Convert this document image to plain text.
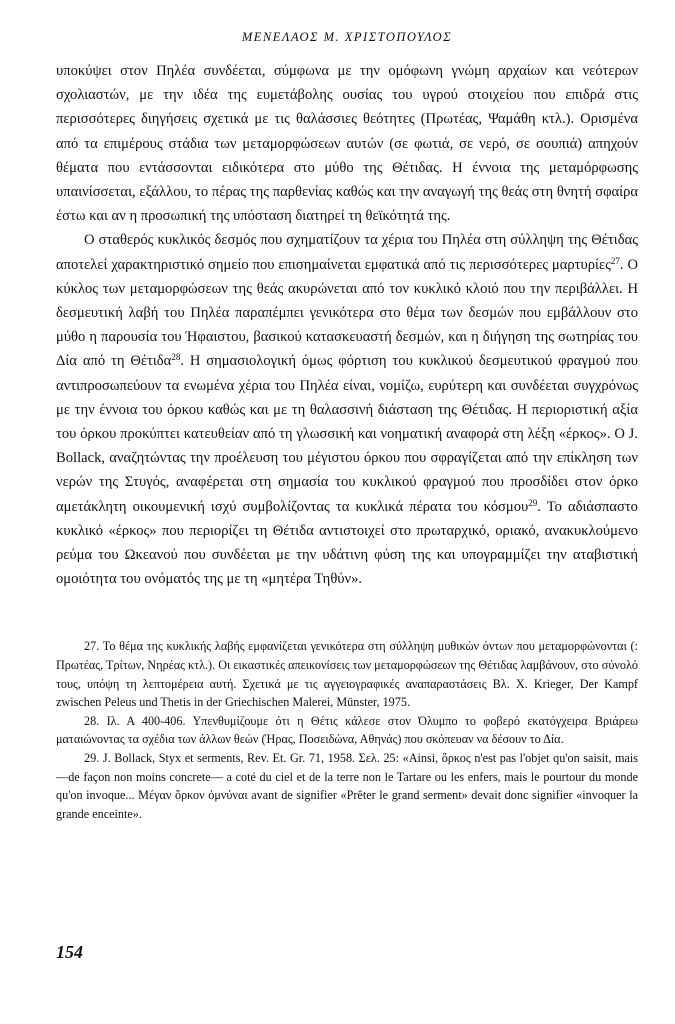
ΜΕΝΕΛΑΟΣ Μ. ΧΡΙΣΤΟΠΟΥΛΟΣ

υποκύψει στον Πηλέα συνδέεται, σύμφωνα με την ομόφωνη γνώμη αρχαίων και νεότερων σχολιαστών, με την ιδέα της ευμετάβολης ουσίας του υγρού στοιχείου που επιδρά στις περισσότερες διηγήσεις σχετικά με τις θαλάσσιες θεότητες (Πρωτέας, Ψαμάθη κτλ.). Ορισμένα από τα επιμέρους στάδια των μεταμορφώσεων αυτών (σε φωτιά, σε νερό, σε σουπιά) απηχούν θέματα που εντάσσονται ειδικότερα στο μύθο της Θέτιδας. Η έννοια της μεταμόρφωσης υπαινίσσεται, εξάλλου, το πέρας της παρθενίας καθώς και την αναγωγή της θεάς στη θνητή σφαίρα έστω και αν η προσωπική της υπόσταση διατηρεί τη θεϊκότητά της.

Ο σταθερός κυκλικός δεσμός που σχηματίζουν τα χέρια του Πηλέα στη σύλληψη της Θέτιδας αποτελεί χαρακτηριστικό σημείο που επισημαίνεται εμφατικά από τις περισσότερες μαρτυρίες$^{27}$. Ο κύκλος των μεταμορφώσεων της θεάς ακυρώνεται από τον κυκλικό κλοιό που την περιβάλλει. Η δεσμευτική λαβή του Πηλέα παραπέμπει γενικότερα στο θέμα των δεσμών που εμβάλλουν στο μύθο η παρουσία του Ήφαιστου, βασικού κατασκευαστή δεσμών, και η διήγηση της σωτηρίας του Δία από τη Θέτιδα$^{28}$. Η σημασιολογική όμως φόρτιση του κυκλικού δεσμευτικού φραγμού που αντιπροσωπεύουν τα ενωμένα χέρια του Πηλέα είναι, νομίζω, ευρύτερη και συνδέεται συγχρόνως με την έννοια του όρκου καθώς και με τη θαλασσινή διάσταση της Θέτιδας. Η περιοριστική αξία του όρκου προκύπτει κατευθείαν από τη γλωσσική και νοηματική αναφορά στη λέξη «έρκος». Ο J. Bollack, αναζητώντας την προέλευση του μέγιστου όρκου που σφραγίζεται από την επίκληση των νερών της Στυγός, αναφέρεται στη σημασία του κυκλικού φραγμού που προσδίδει στον όρκο αμετάκλητη οικουμενική ισχύ συμβολίζοντας τα κυκλικά πέρατα του κόσμου$^{29}$. Το αδιάσπαστο κυκλικό «έρκος» που περιορίζει τη Θέτιδα αντιστοιχεί στο πρωταρχικό, οριακό, ανακυκλούμενο ρεύμα του Ωκεανού που συνδέεται με την υδάτινη φύση της και υπογραμμίζει την αταβιστική ομοιότητα του ονόματός της με τη «μητέρα Τηθύν».

27. Το θέμα της κυκλικής λαβής εμφανίζεται γενικότερα στη σύλληψη μυθικών όντων που μεταμορφώνονται (: Πρωτέας, Τρίτων, Νηρέας κτλ.). Οι εικαστικές απεικονίσεις των μεταμορφώσεων της Θέτιδας λαμβάνουν, στο σύνολό τους, υπόψη τη λεπτομέρεια αυτή. Σχετικά με τις αγγειογραφικές αναπαραστάσεις Βλ. Χ. Krieger, Der Kampf zwischen Peleus und Thetis in der Griechischen Malerei, Münster, 1975.

28. Ιλ. Α 400-406. Υπενθυμίζουμε ότι η Θέτις κάλεσε στον Όλυμπο το φοβερό εκατόγχειρα Βριάρεω ματαιώνοντας τα σχέδια των άλλων θεών (Ήρας, Ποσειδώνα, Αθηνάς) που σκόπευαν να δέσουν το Δία.

29. J. Bollack, Styx et serments, Rev. Et. Gr. 71, 1958. Σελ. 25: «Ainsi, ὅρκος n'est pas l'objet qu'on saisit, mais —de façon non moins concrete— a coté du ciel et de la terre non le Tartare ou les enfers, mais le pourtour du monde qu'on invoque... Μέγαν ὅρκον ὀμνύναι avant de signifier «Prêter le grand serment» devait donc signifier «invoquer la grande enceinte».

154
